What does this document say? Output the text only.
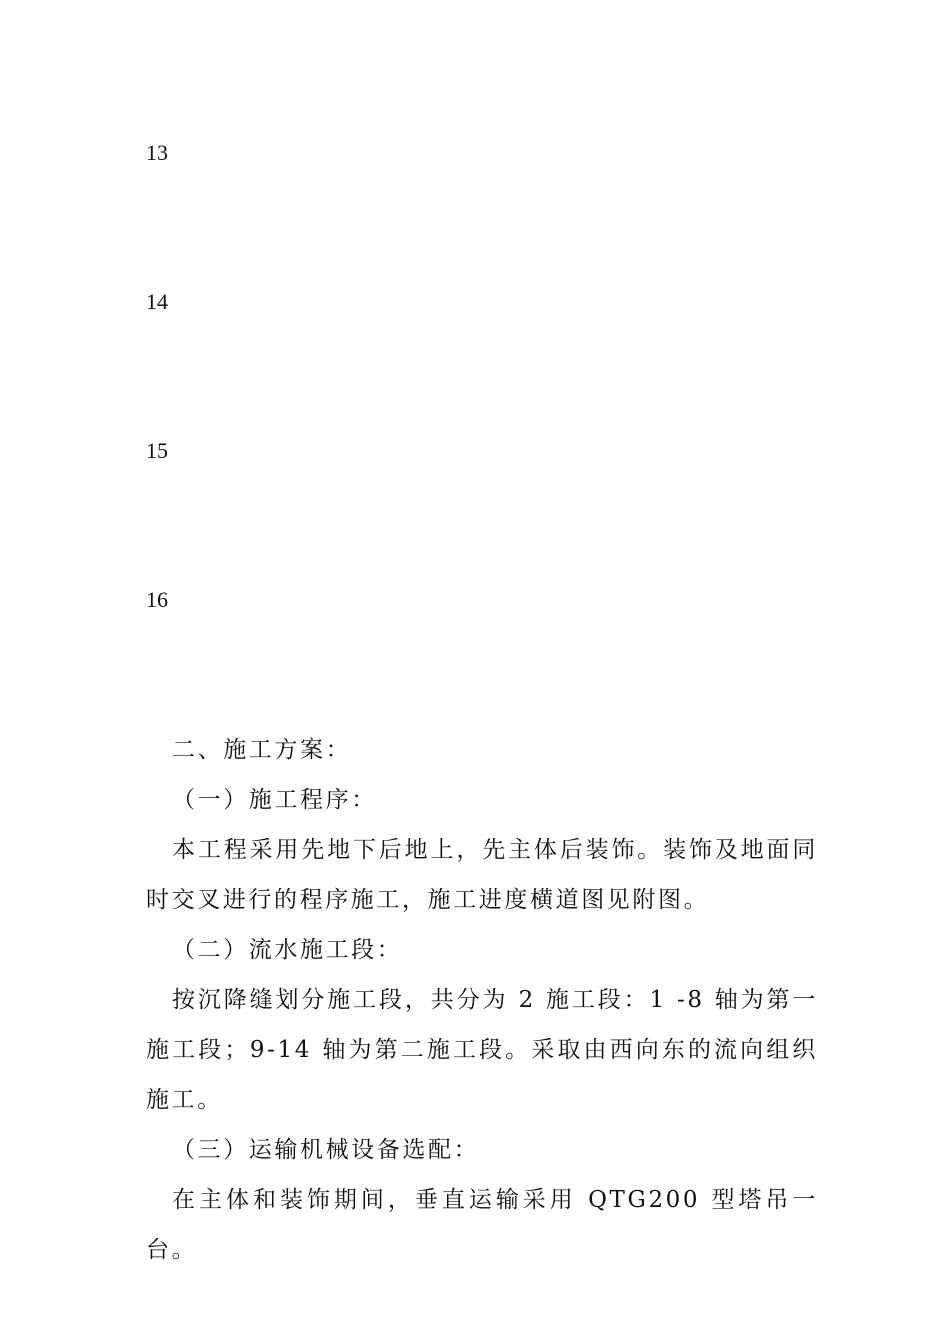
13
14
15
16
二、施工方案：
（一）施工程序：
本工程采用先地下后地上，先主体后装饰。装饰及地面同时交叉进行的程序施工，施工进度横道图见附图。
（二）流水施工段：
按沉降缝划分施工段，共分为 2 施工段：1 -8 轴为第一施工段；9-14 轴为第二施工段。采取由西向东的流向组织施工。
（三）运输机械设备选配：
在主体和装饰期间，垂直运输采用 QTG200 型塔吊一台。
